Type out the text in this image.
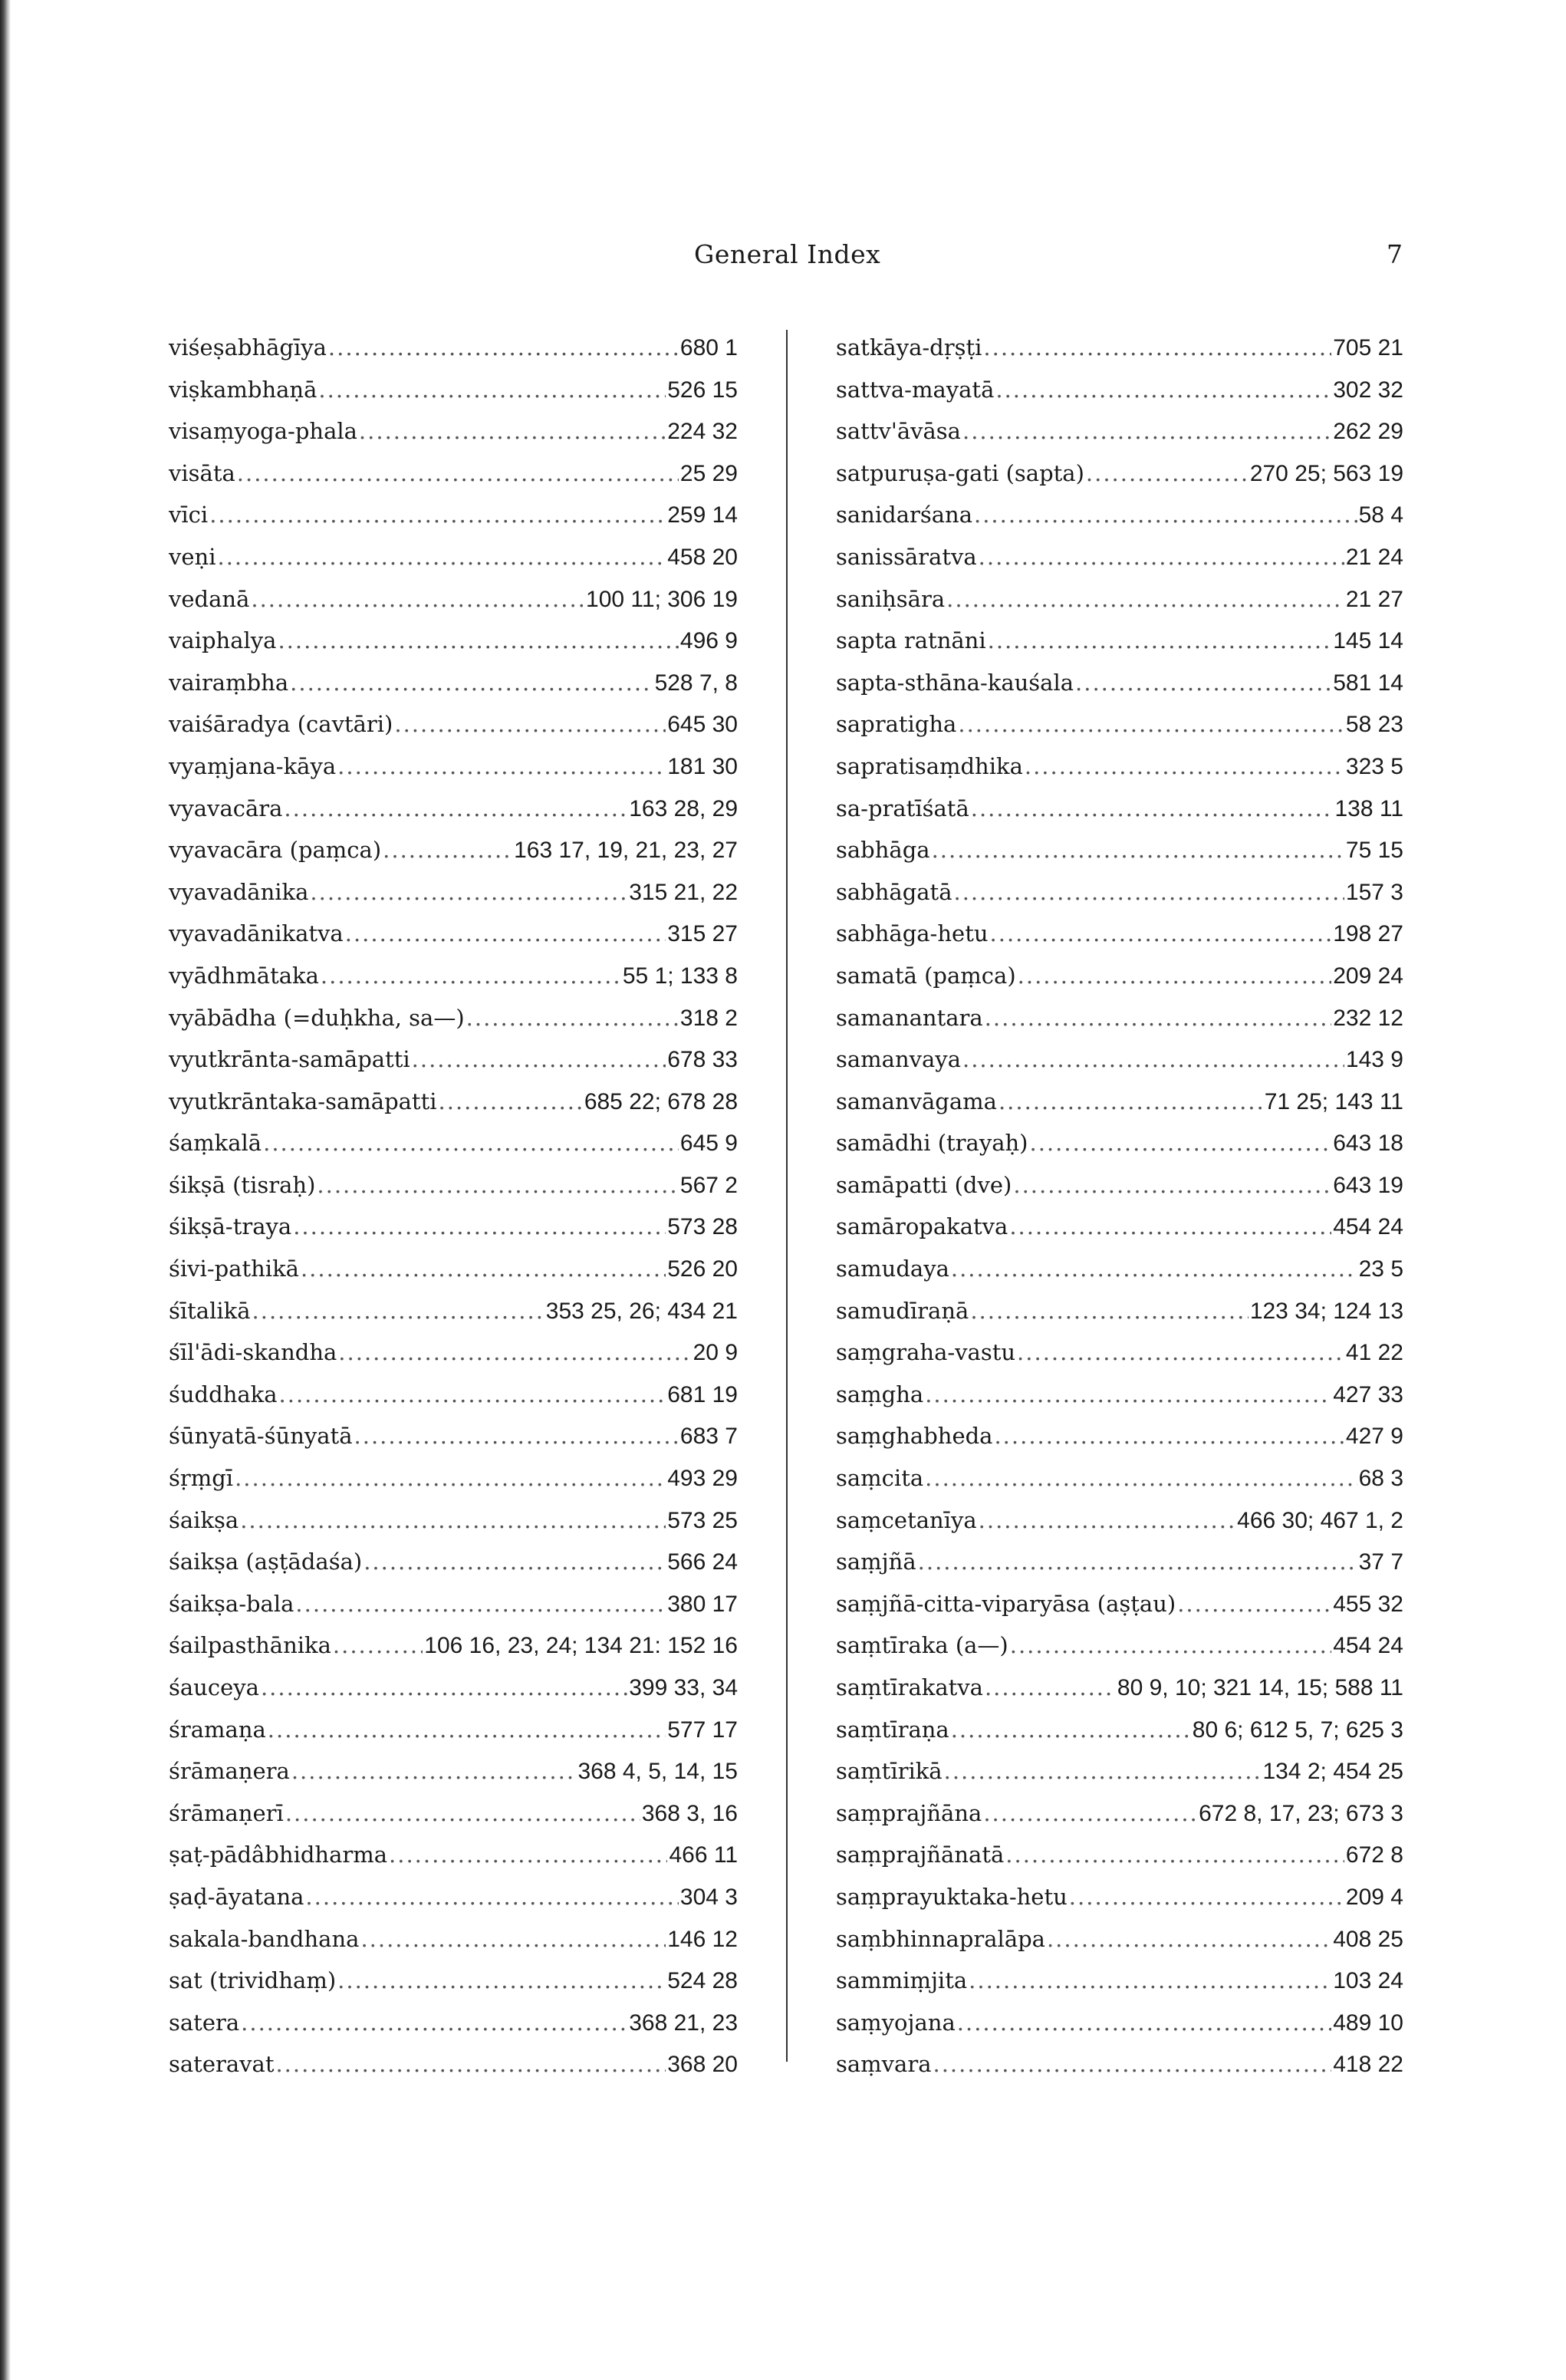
General Index	7
viśeṣabhāgīya .....	680 1
viṣkambhaṇā .....	526 15
visaṃyoga-phala .....	224 32
visāta .....	25 29
vīci .....	259 14
veṇi .....	458 20
vedanā .....	100 11; 306 19
vaiphalya .....	496 9
vairaṃbha .....	528 7, 8
vaiśāradya (cavtāri) .....	645 30
vyaṃjana-kāya .....	181 30
vyavacāra .....	163 28, 29
vyavacāra (paṃca) .....	163 17, 19, 21, 23, 27
vyavadānika .....	315 21, 22
vyavadānikatva .....	315 27
vyādhmātaka .....	55 1; 133 8
vyābādha (=duḥkha, sa—) .....	318 2
vyutkrānta-samāpatti .....	678 33
vyutkrāntaka-samāpatti .....	685 22; 678 28
śaṃkalā .....	645 9
śikṣā (tisraḥ) .....	567 2
śikṣā-traya .....	573 28
śivi-pathikā .....	526 20
śītalikā .....	353 25, 26; 434 21
śīl'ādi-skandha .....	20 9
śuddhaka .....	681 19
śūnyatā-śūnyatā .....	683 7
śṛṃgī .....	493 29
śaikṣa .....	573 25
śaikṣa (aṣṭādaśa) .....	566 24
śaikṣa-bala .....	380 17
śailpasthānika .....	106 16, 23, 24; 134 21: 152 16
śauceya .....	399 33, 34
śramaṇa .....	577 17
śrāmaṇera .....	368 4, 5, 14, 15
śrāmaṇerī .....	368 3, 16
ṣaṭ-pādâbhidharma .....	466 11
ṣaḍ-āyatana .....	304 3
sakala-bandhana .....	146 12
sat (trividhaṃ) .....	524 28
satera .....	368 21, 23
sateravat .....	368 20
satkāya-dṛṣṭi .....	705 21
sattva-mayatā .....	302 32
sattv'āvāsa .....	262 29
satpuruṣa-gati (sapta) .....	270 25; 563 19
sanidarśana .....	58 4
sanissāratva .....	21 24
saniḥsāra .....	21 27
sapta ratnāni .....	145 14
sapta-sthāna-kauśala .....	581 14
sapratigha .....	58 23
sapratisaṃdhika .....	323 5
sa-pratīśatā .....	138 11
sabhāga .....	75 15
sabhāgatā .....	157 3
sabhāga-hetu .....	198 27
samatā (paṃca) .....	209 24
samanantara .....	232 12
samanvaya .....	143 9
samanvāgama .....	71 25; 143 11
samādhi (trayaḥ) .....	643 18
samāpatti (dve) .....	643 19
samāropakatva .....	454 24
samudaya .....	23 5
samudīraṇā .....	123 34; 124 13
saṃgraha-vastu .....	41 22
saṃgha .....	427 33
saṃghabheda .....	427 9
saṃcita .....	68 3
saṃcetanīya .....	466 30; 467 1, 2
saṃjñā .....	37 7
saṃjñā-citta-viparyāsa (aṣṭau) .....	455 32
saṃtīraka (a—) .....	454 24
saṃtīrakatva .....	80 9, 10; 321 14, 15; 588 11
saṃtīraṇa .....	80 6; 612 5, 7; 625 3
saṃtīrikā .....	134 2; 454 25
saṃprajñāna .....	672 8, 17, 23; 673 3
saṃprajñānatā .....	672 8
saṃprayuktaka-hetu .....	209 4
saṃbhinnapralāpa .....	408 25
sammiṃjita .....	103 24
saṃyojana .....	489 10
saṃvara .....	418 22
